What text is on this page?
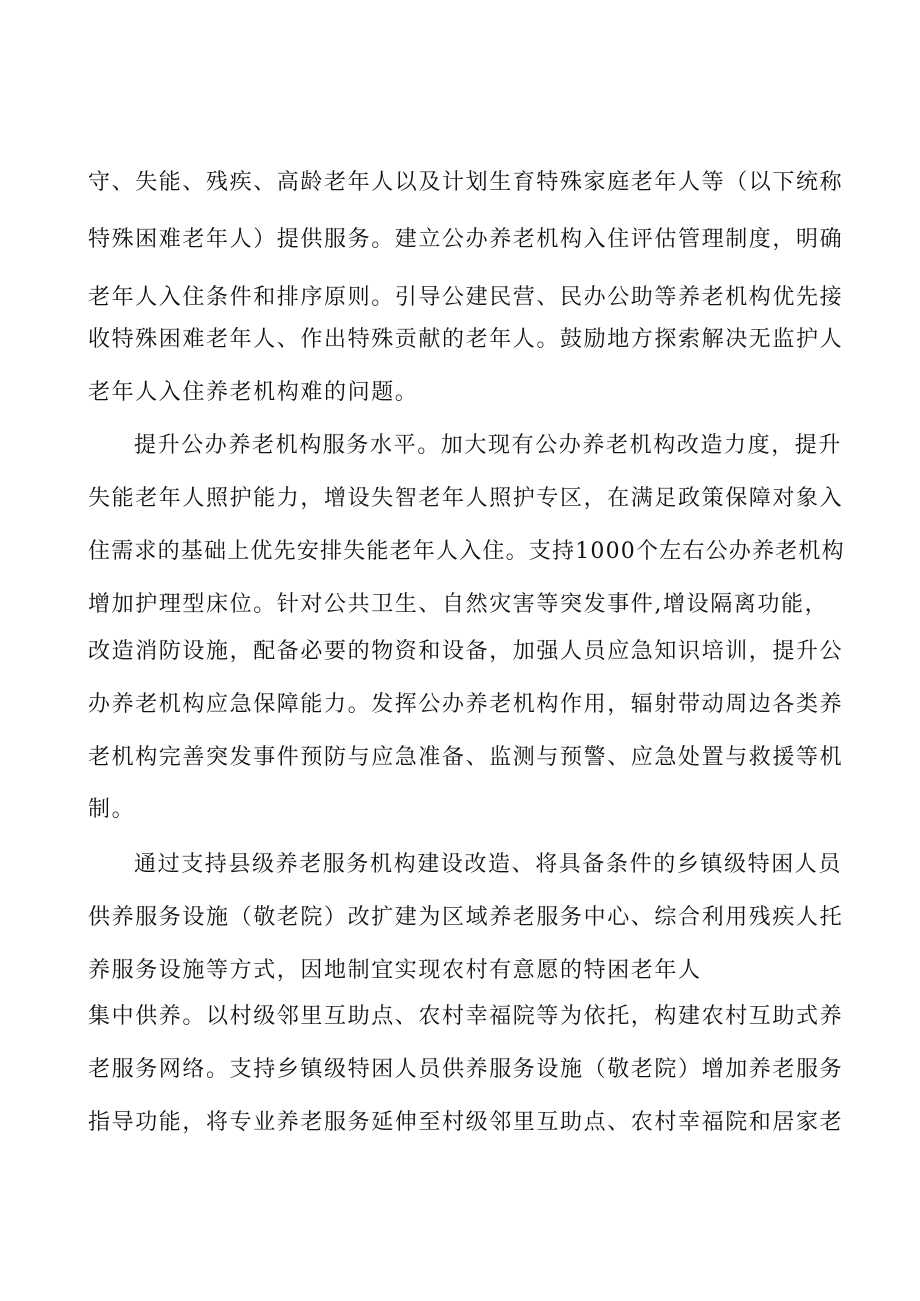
守、失能、残疾、高龄老年人以及计划生育特殊家庭老年人等（以下统称
特殊困难老年人）提供服务。建立公办养老机构入住评估管理制度，明确
老年人入住条件和排序原则。引导公建民营、民办公助等养老机构优先接
收特殊困难老年人、作出特殊贡献的老年人。鼓励地方探索解决无监护人
老年人入住养老机构难的问题。
提升公办养老机构服务水平。加大现有公办养老机构改造力度，提升
失能老年人照护能力，增设失智老年人照护专区，在满足政策保障对象入
住需求的基础上优先安排失能老年人入住。支持1000个左右公办养老机构
增加护理型床位。针对公共卫生、自然灾害等突发事件,增设隔离功能，
改造消防设施，配备必要的物资和设备，加强人员应急知识培训，提升公
办养老机构应急保障能力。发挥公办养老机构作用，辐射带动周边各类养
老机构完善突发事件预防与应急准备、监测与预警、应急处置与救援等机
制。
通过支持县级养老服务机构建设改造、将具备条件的乡镇级特困人员
供养服务设施（敬老院）改扩建为区域养老服务中心、综合利用残疾人托
养服务设施等方式，因地制宜实现农村有意愿的特困老年人
集中供养。以村级邻里互助点、农村幸福院等为依托，构建农村互助式养
老服务网络。支持乡镇级特困人员供养服务设施（敬老院）增加养老服务
指导功能，将专业养老服务延伸至村级邻里互助点、农村幸福院和居家老
